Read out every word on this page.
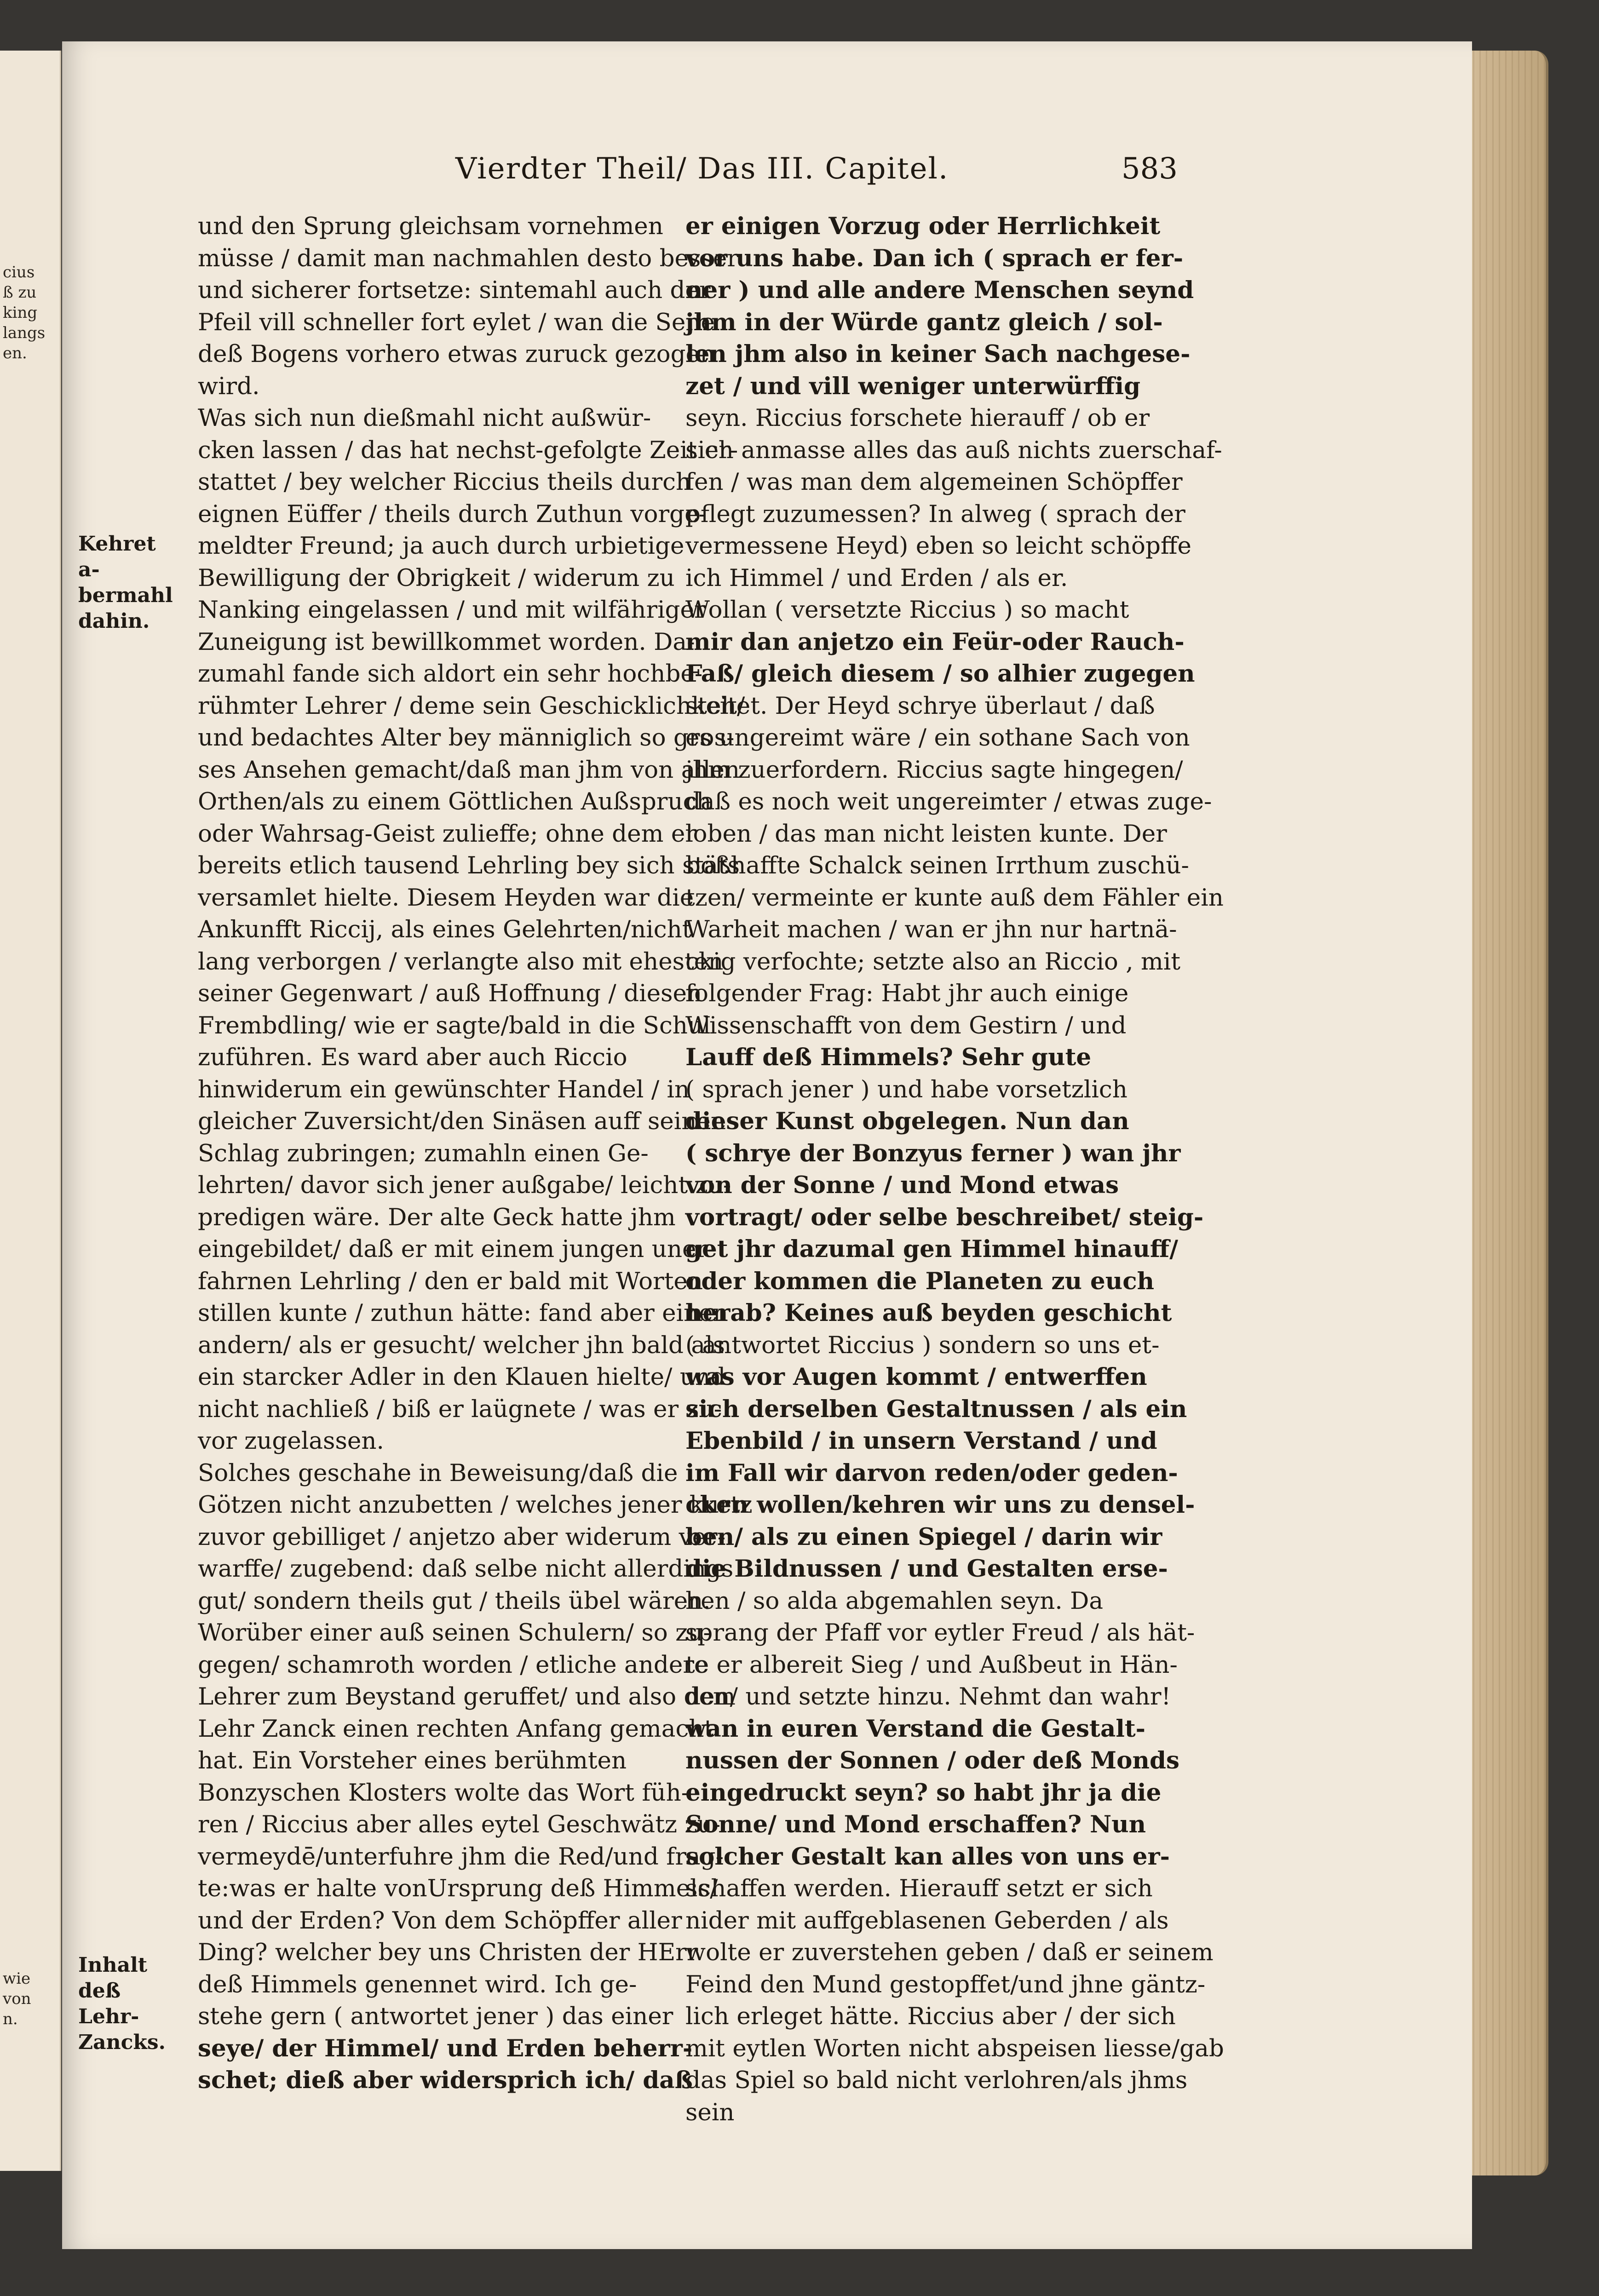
cius
ß zu
king
langs
en.
wie
von
n.
Vierdter Theil/ Das III. Capitel.	583
Kehret a-
bermahl
dahin.
Inhalt
deß Lehr-
Zancks.
und den Sprung gleichsam vornehmen
müsse / damit man nachmahlen desto besser
und sicherer fortsetze: sintemahl auch der
Pfeil vill schneller fort eylet / wan die Sene
deß Bogens vorhero etwas zuruck gezogen
wird.
Was sich nun dießmahl nicht außwür-
cken lassen / das hat nechst-gefolgte Zeit er-
stattet / bey welcher Riccius theils durch
eignen Eüffer / theils durch Zuthun vorge-
meldter Freund; ja auch durch urbietige
Bewilligung der Obrigkeit / widerum zu
Nanking eingelassen / und mit wilfähriger
Zuneigung ist bewillkommet worden. Da-
zumahl fande sich aldort ein sehr hochbe-
rühmter Lehrer / deme sein Geschicklichkeit/
und bedachtes Alter bey männiglich so gros-
ses Ansehen gemacht/daß man jhm von allen
Orthen/als zu einem Göttlichen Außspruch
oder Wahrsag-Geist zulieffe; ohne dem er
bereits etlich tausend Lehrling bey sich stäts
versamlet hielte. Diesem Heyden war die
Ankunfft Riccij, als eines Gelehrten/nicht
lang verborgen / verlangte also mit ehesten
seiner Gegenwart / auß Hoffnung / diesen
Frembdling/ wie er sagte/bald in die Schul
zuführen. Es ward aber auch Riccio
hinwiderum ein gewünschter Handel / in
gleicher Zuversicht/den Sinäsen auff seinen
Schlag zubringen; zumahln einen Ge-
lehrten/ davor sich jener außgabe/ leicht zu-
predigen wäre. Der alte Geck hatte jhm
eingebildet/ daß er mit einem jungen uner-
fahrnen Lehrling / den er bald mit Worten
stillen kunte / zuthun hätte: fand aber einen
andern/ als er gesucht/ welcher jhn bald als
ein starcker Adler in den Klauen hielte/ und
nicht nachließ / biß er laügnete / was er zu-
vor zugelassen.
Solches geschahe in Beweisung/daß die
Götzen nicht anzubetten / welches jener kurtz
zuvor gebilliget / anjetzo aber widerum ver-
warffe/ zugebend: daß selbe nicht allerdings
gut/ sondern theils gut / theils übel wären.
Worüber einer auß seinen Schulern/ so zu-
gegen/ schamroth worden / etliche andere
Lehrer zum Beystand geruffet/ und also dem
Lehr Zanck einen rechten Anfang gemacht
hat. Ein Vorsteher eines berühmten
Bonzyschen Klosters wolte das Wort füh-
ren / Riccius aber alles eytel Geschwätz zu-
vermeydē/unterfuhre jhm die Red/und frag-
te:was er halte vonUrsprung deß Himmels/
und der Erden? Von dem Schöpffer aller
Ding? welcher bey uns Christen der HErr
deß Himmels genennet wird. Ich ge-
stehe gern ( antwortet jener ) das einer
seye/ der Himmel/ und Erden beherr-
schet; dieß aber widersprich ich/ daß
er einigen Vorzug oder Herrlichkeit
vor uns habe. Dan ich ( sprach er fer-
ner ) und alle andere Menschen seynd
jhm in der Würde gantz gleich / sol-
len jhm also in keiner Sach nachgese-
zet / und vill weniger unterwürffig
seyn. Riccius forschete hierauff / ob er
sich anmasse alles das auß nichts zuerschaf-
fen / was man dem algemeinen Schöpffer
pflegt zuzumessen? In alweg ( sprach der
vermessene Heyd) eben so leicht schöpffe
ich Himmel / und Erden / als er.
Wollan ( versetzte Riccius ) so macht
mir dan anjetzo ein Feür-oder Rauch-
Faß/ gleich diesem / so alhier zugegen
stehet. Der Heyd schrye überlaut / daß
es ungereimt wäre / ein sothane Sach von
jhm zuerfordern. Riccius sagte hingegen/
daß es noch weit ungereimter / etwas zuge-
loben / das man nicht leisten kunte. Der
boßhaffte Schalck seinen Irrthum zuschü-
tzen/ vermeinte er kunte auß dem Fähler ein
Warheit machen / wan er jhn nur hartnä-
ckig verfochte; setzte also an Riccio , mit
folgender Frag: Habt jhr auch einige
Wissenschafft von dem Gestirn / und
Lauff deß Himmels? Sehr gute
( sprach jener ) und habe vorsetzlich
dieser Kunst obgelegen. Nun dan
( schrye der Bonzyus ferner ) wan jhr
von der Sonne / und Mond etwas
vortragt/ oder selbe beschreibet/ steig-
get jhr dazumal gen Himmel hinauff/
oder kommen die Planeten zu euch
herab? Keines auß beyden geschicht
( antwortet Riccius ) sondern so uns et-
was vor Augen kommt / entwerffen
sich derselben Gestaltnussen / als ein
Ebenbild / in unsern Verstand / und
im Fall wir darvon reden/oder geden-
cken wollen/kehren wir uns zu densel-
ben/ als zu einen Spiegel / darin wir
die Bildnussen / und Gestalten erse-
hen / so alda abgemahlen seyn. Da
sprang der Pfaff vor eytler Freud / als hät-
te er albereit Sieg / und Außbeut in Hän-
den/ und setzte hinzu. Nehmt dan wahr!
wan in euren Verstand die Gestalt-
nussen der Sonnen / oder deß Monds
eingedruckt seyn? so habt jhr ja die
Sonne/ und Mond erschaffen? Nun
solcher Gestalt kan alles von uns er-
schaffen werden. Hierauff setzt er sich
nider mit auffgeblasenen Geberden / als
wolte er zuverstehen geben / daß er seinem
Feind den Mund gestopffet/und jhne gäntz-
lich erleget hätte. Riccius aber / der sich
mit eytlen Worten nicht abspeisen liesse/gab
das Spiel so bald nicht verlohren/als jhms
sein
